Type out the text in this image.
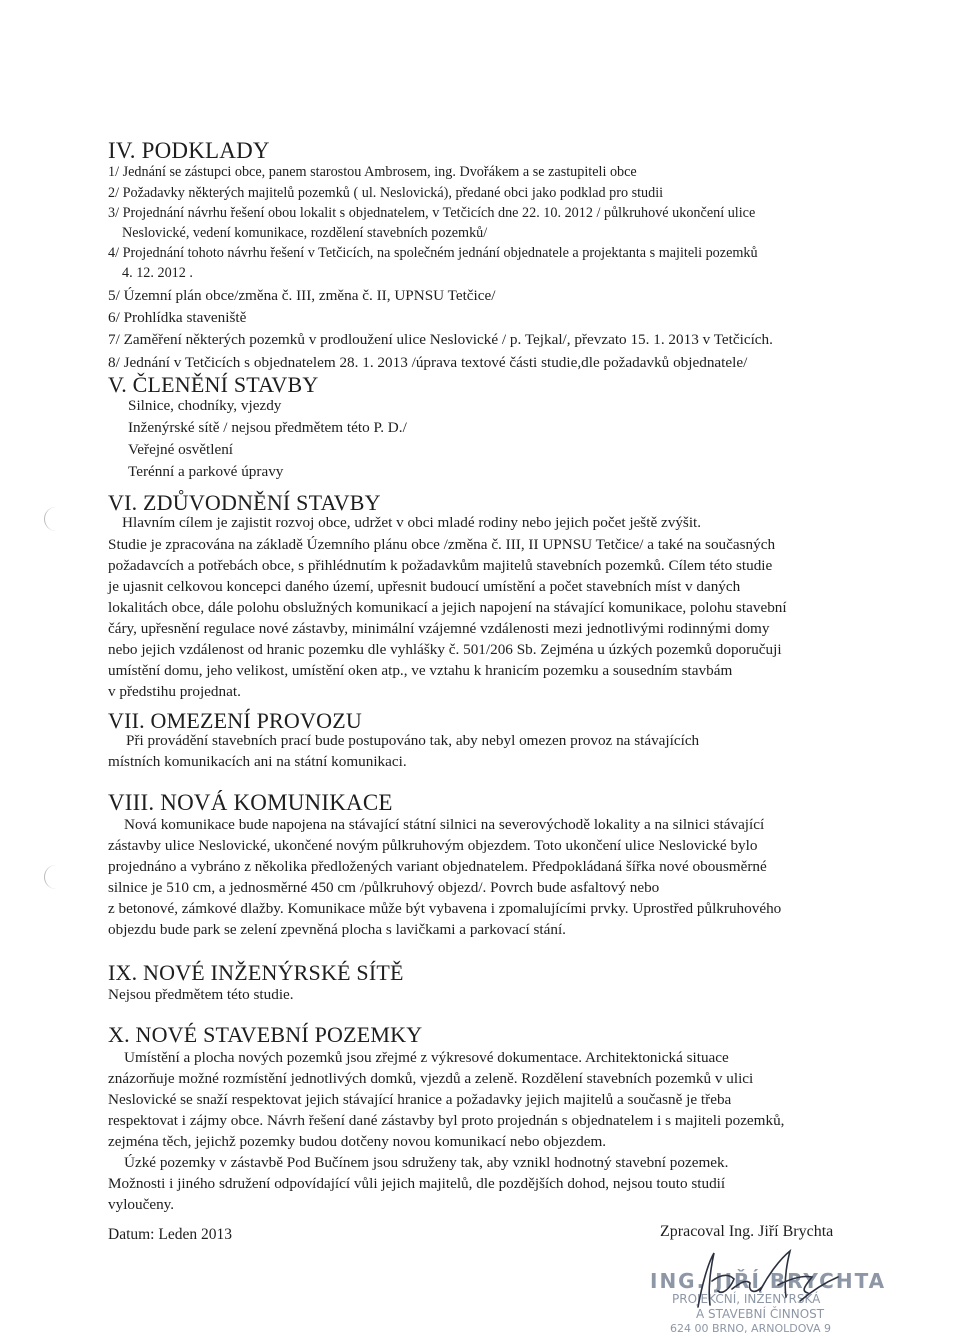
IV. PODKLADY

1/ Jednání se zástupci obce, panem starostou Ambrosem, ing. Dvořákem a se zastupiteli obce

2/ Požadavky některých majitelů pozemků ( ul. Neslovická), předané obci jako podklad pro studii

3/ Projednání návrhu řešení obou lokalit s objednatelem, v Tetčicích dne 22. 10. 2012 / půlkruhové ukončení ulice

Neslovické, vedení komunikace, rozdělení stavebních pozemků/

4/ Projednání tohoto návrhu řešení v Tetčicích, na společném jednání objednatele a projektanta s majiteli pozemků

4. 12. 2012 .

5/ Územní plán obce/změna č. III, změna č. II, UPNSU Tetčice/

6/ Prohlídka staveniště

7/ Zaměření některých pozemků v prodloužení ulice Neslovické / p. Tejkal/, převzato 15. 1. 2013 v Tetčicích.

8/ Jednání v Tetčicích s objednatelem 28. 1. 2013 /úprava textové části studie,dle požadavků objednatele/

V. ČLENĚNÍ STAVBY

Silnice, chodníky, vjezdy

Inženýrské sítě / nejsou předmětem této P. D./

Veřejné osvětlení

Terénní a parkové úpravy

VI. ZDŮVODNĚNÍ STAVBY

Hlavním cílem je zajistit rozvoj obce, udržet v obci mladé rodiny nebo jejich počet ještě zvýšit.

Studie je zpracována na základě Územního plánu obce /změna č. III, II UPNSU Tetčice/ a také na současných

požadavcích a potřebách obce, s přihlédnutím k požadavkům majitelů stavebních pozemků. Cílem této studie

je ujasnit celkovou koncepci daného území, upřesnit budoucí umístění a počet stavebních míst v daných

lokalitách obce, dále polohu obslužných komunikací a jejich napojení na stávající komunikace, polohu stavební

čáry, upřesnění regulace nové zástavby, minimální vzájemné vzdálenosti mezi jednotlivými rodinnými domy

nebo jejich vzdálenost od hranic pozemku dle vyhlášky č. 501/206 Sb. Zejména u úzkých pozemků doporučuji

umístění domu, jeho velikost, umístění oken atp., ve vztahu k hranicím pozemku a sousedním stavbám

v předstihu projednat.

VII. OMEZENÍ PROVOZU

Při provádění stavebních prací bude postupováno tak, aby nebyl omezen provoz na stávajících

místních komunikacích ani na státní komunikaci.

VIII. NOVÁ KOMUNIKACE

Nová komunikace bude napojena na stávající státní silnici na severovýchodě lokality a na silnici stávající

zástavby ulice Neslovické, ukončené novým půlkruhovým objezdem. Toto ukončení ulice Neslovické bylo

projednáno a vybráno z několika předložených variant objednatelem. Předpokládaná šířka nové obousměrné

silnice je 510 cm, a jednosměrné 450 cm /půlkruhový objezd/. Povrch bude asfaltový nebo

z betonové, zámkové dlažby. Komunikace může být vybavena i zpomalujícími prvky. Uprostřed půlkruhového

objezdu bude park se zelení zpevněná plocha s lavičkami a parkovací stání.

IX. NOVÉ INŽENÝRSKÉ SÍTĚ

Nejsou předmětem této studie.

X. NOVÉ STAVEBNÍ POZEMKY

Umístění a plocha nových pozemků jsou zřejmé z výkresové dokumentace. Architektonická situace

znázorňuje možné rozmístění jednotlivých domků, vjezdů a zeleně. Rozdělení stavebních pozemků v ulici

Neslovické se snaží respektovat jejich stávající hranice a požadavky jejich majitelů a současně je třeba

respektovat i zájmy obce. Návrh řešení dané zástavby byl proto projednán s objednatelem i s majiteli pozemků,

zejména těch, jejichž pozemky budou dotčeny novou komunikací nebo objezdem.

Úzké pozemky v zástavbě Pod Bučínem jsou sdruženy tak, aby vznikl hodnotný stavební pozemek.

Možnosti i jiného sdružení odpovídající vůli jejich majitelů, dle pozdějších dohod, nejsou touto studií

vyloučeny.

Datum: Leden 2013	Zpracoval Ing. Jiří Brychta

ING. JIŘÍ BRYCHTA

PROJEKČNÍ, INŽENÝRSKÁ

A STAVEBNÍ ČINNOST

624 00 BRNO, ARNOLDOVA 9
